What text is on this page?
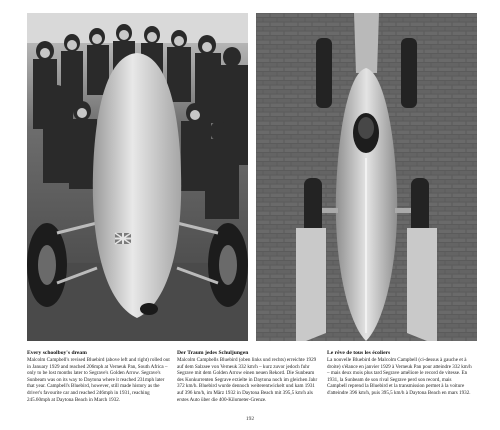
Every schoolboy's dream

Malcolm Campbell's revised Bluebird (above left and right) rolled out in January 1929 and reached 206mph at Verneuk Pan, South Africa – only to be lost months later to Segrave's Golden Arrow. Segrave's Sunbeam was on its way to Daytona where it reached 231mph later that year. Campbell's Bluebird, however, still made history as the driver's favourite car and reached 246mph in 1931, reaching 245.60mph at Daytona Beach in March 1932.

Der Traum jedes Schuljungen

Malcolm Campbells Bluebird (oben links und rechts) erreichte 1929 auf dem Salzsee von Verneuk 332 km/h – kurz zuvor jedoch fuhr Segrave mit dem Golden Arrow einen neuen Rekord. Die Sunbeam des Konkurrenten Segrave erzielte in Daytona noch im gleichen Jahr 372 km/h. Bluebird wurde dennoch weiterentwickelt und kam 1931 auf 396 km/h, im März 1932 in Daytona Beach mit 395,5 km/h als erstes Auto über die 400-Kilometer-Grenze.

Le rêve de tous les écoliers

La nouvelle Bluebird de Malcolm Campbell (ci-dessus à gauche et à droite) s'élance en janvier 1929 à Verneuk Pan pour atteindre 332 km/h – mais deux mois plus tard Segrave améliore le record de vitesse. En 1931, la Sunbeam de son rival Segrave perd son record, mais Campbell reprend la Bluebird et la transmission permet à la voiture d'atteindre 396 km/h, puis 395,5 km/h à Daytona Beach en mars 1932.

192
